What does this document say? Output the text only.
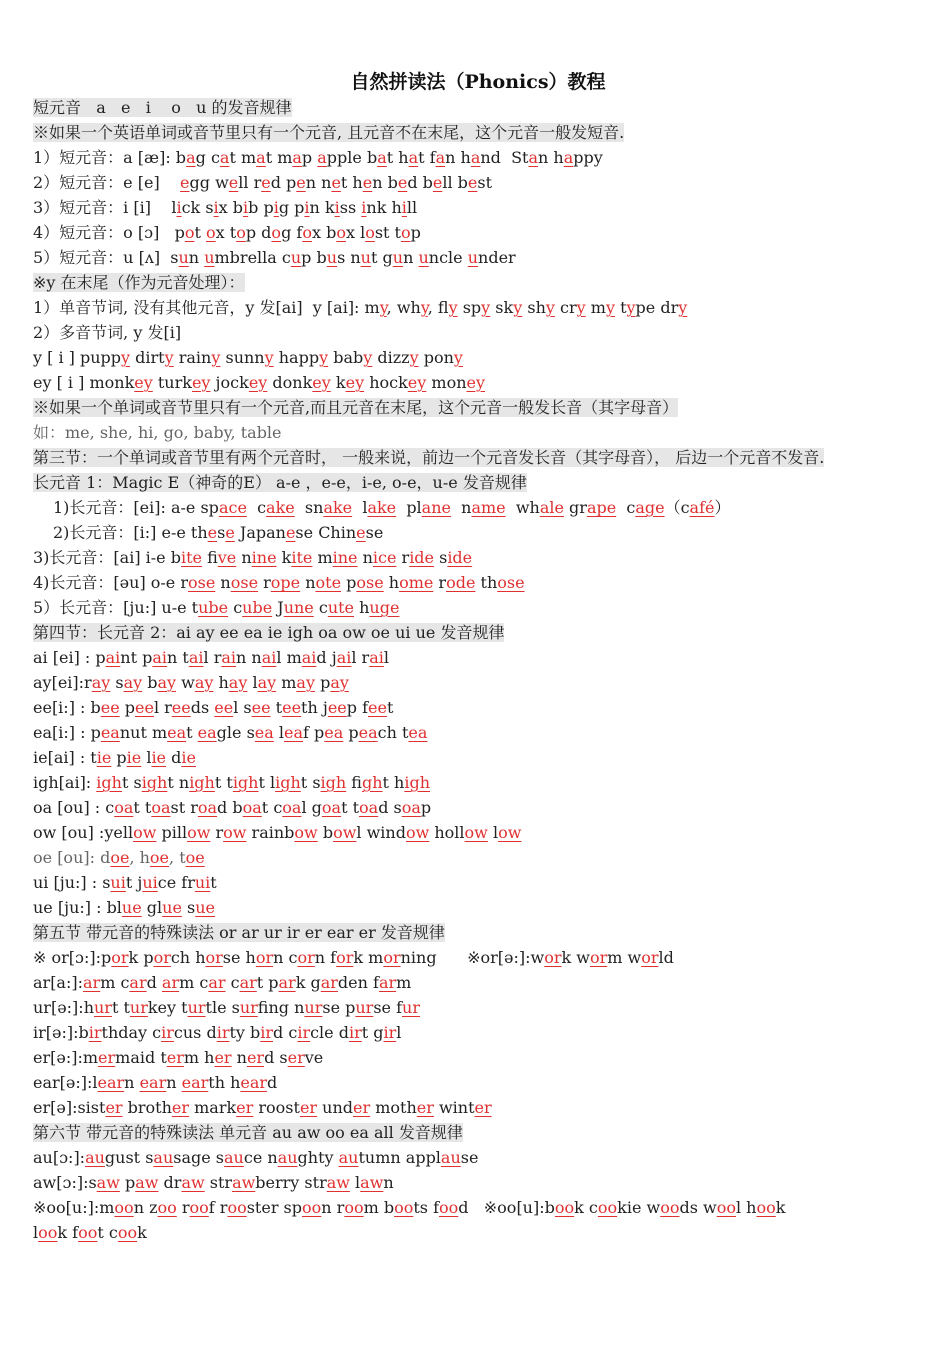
自然拼读法（Phonics）教程
短元音   a   e   i    o   u 的发音规律
※如果一个英语单词或音节里只有一个元音, 且元音不在末尾，这个元音一般发短音.
1）短元音：a [æ]: bag cat mat map apple bat hat fan hand  Stan happy
2）短元音：e [e]    egg well red pen net hen bed bell best
3）短元音：i [i]    lick six bib pig pin kiss ink hill
4）短元音：o [ɔ]   pot ox top dog fox box lost top
5）短元音：u [ʌ]  sun umbrella cup bus nut gun uncle under
※y 在末尾（作为元音处理）：
1）单音节词, 没有其他元音，y 发[ai]  y [ai]: my, why, fly spy sky shy cry my type dry
2）多音节词, y 发[i]
y [ i ] puppy dirty rainy sunny happy baby dizzy pony
ey [ i ] monkey turkey jockey donkey key hockey money
※如果一个单词或音节里只有一个元音,而且元音在末尾，这个元音一般发长音（其字母音）
如：me, she, hi, go, baby, table
第三节：一个单词或音节里有两个元音时， 一般来说，前边一个元音发长音（其字母音）， 后边一个元音不发音.
长元音 1：Magic E（神奇的E） a-e ，e-e，i-e, o-e，u-e 发音规律
1)长元音：[ei]: a-e space  cake  snake  lake  plane  name  whale grape  cage（café）
2)长元音：[i:] e-e these Japanese Chinese
3)长元音：[ai] i-e bite five nine kite mine nice ride side
4)长元音：[əu] o-e rose nose rope note pose home rode those
5）长元音：[ju:] u-e tube cube June cute huge
第四节：长元音 2：ai ay ee ea ie igh oa ow oe ui ue 发音规律
ai [ei] : paint pain tail rain nail maid jail rail
ay[ei]:ray say bay way hay lay may pay
ee[i:] : bee peel reeds eel see teeth jeep feet
ea[i:] : peanut meat eagle sea leaf pea peach tea
ie[ai] : tie pie lie die
igh[ai]: ight sight night tight light sigh fight high
oa [ou] : coat toast road boat coal goat toad soap
ow [ou] :yellow pillow row rainbow bowl window hollow low
oe [ou]: doe, hoe, toe
ui [ju:] : suit juice fruit
ue [ju:] : blue glue sue
第五节 带元音的特殊读法 or ar ur ir er ear er 发音规律
※ or[ɔ:]:pork porch horse horn corn fork morning      ※or[ə:]:work worm world
ar[a:]:arm card arm car cart park garden farm
ur[ə:]:hurt turkey turtle surfing nurse purse fur
ir[ə:]:birthday circus dirty bird circle dirt girl
er[ə:]:mermaid term her nerd serve
ear[ə:]:learn earn earth heard
er[ə]:sister brother marker rooster under mother winter
第六节 带元音的特殊读法 单元音 au aw oo ea all 发音规律
au[ɔ:]:august sausage sauce naughty autumn applause
aw[ɔ:]:saw paw draw strawberry straw lawn
※oo[u:]:moon zoo roof rooster spoon room boots food   ※oo[u]:book cookie woods wool hook
look foot cook
